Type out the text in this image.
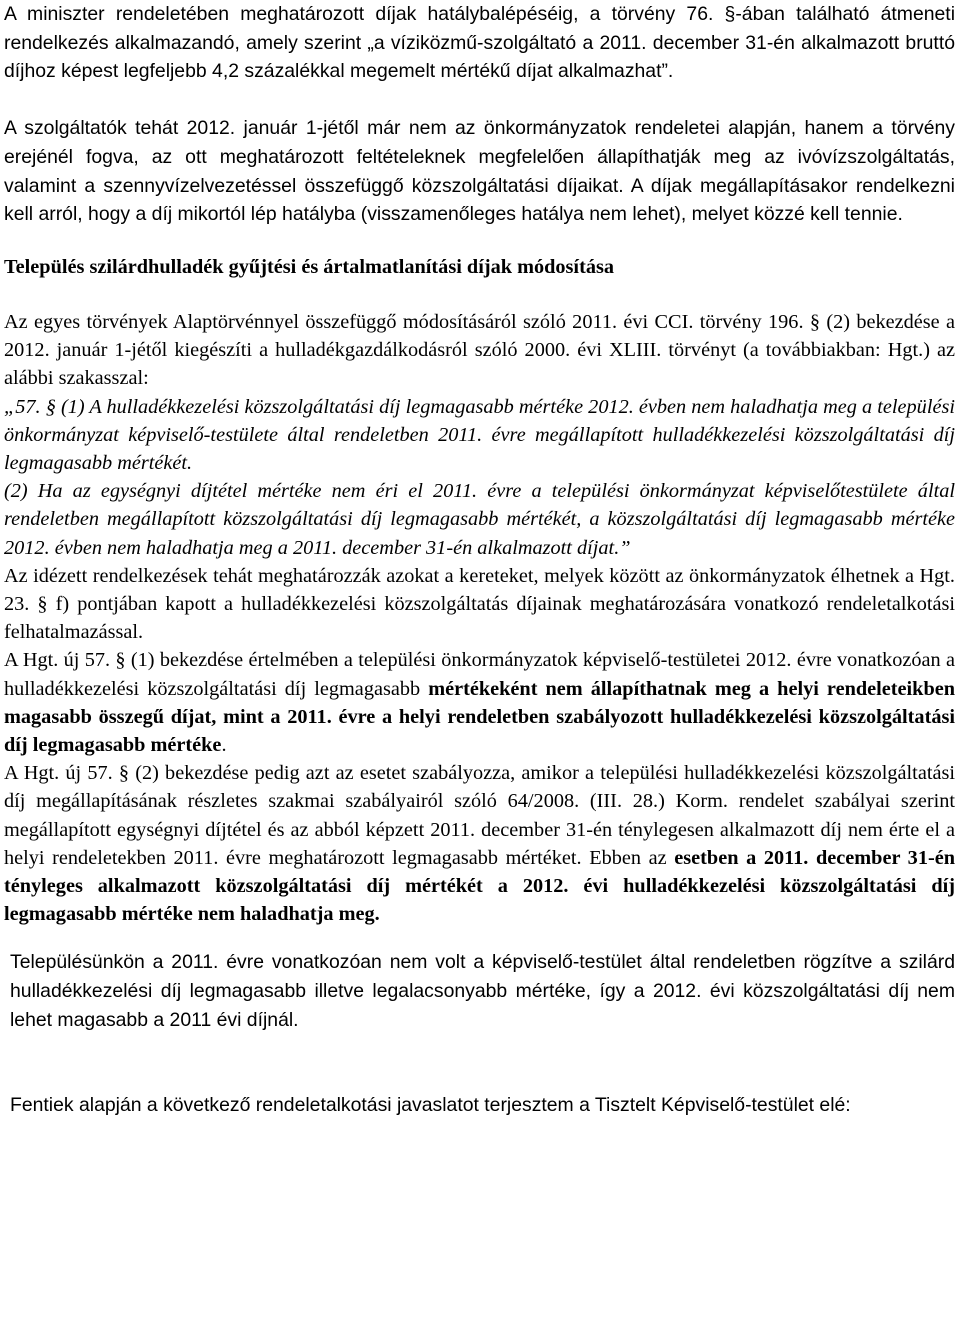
A miniszter rendeletében meghatározott díjak hatálybalépéséig, a törvény 76. §-ában található átmeneti rendelkezés alkalmazandó, amely szerint „a víziközmű-szolgáltató a 2011. december 31-én alkalmazott bruttó díjhoz képest legfeljebb 4,2 százalékkal megemelt mértékű díjat alkalmazhat”.

A szolgáltatók tehát 2012. január 1-jétől már nem az önkormányzatok rendeletei alapján, hanem a törvény erejénél fogva, az ott meghatározott feltételeknek megfelelően állapíthatják meg az ivóvízszolgáltatás, valamint a szennyvízelvezetéssel összefüggő közszolgáltatási díjaikat. A díjak megállapításakor rendelkezni kell arról, hogy a díj mikortól lép hatályba (visszamenőleges hatálya nem lehet), melyet közzé kell tennie.

Település szilárdhulladék gyűjtési és ártalmatlanítási díjak módosítása

Az egyes törvények Alaptörvénnyel összefüggő módosításáról szóló 2011. évi CCI. törvény 196. § (2) bekezdése a 2012. január 1-jétől kiegészíti a hulladékgazdálkodásról szóló 2000. évi XLIII. törvényt (a továbbiakban: Hgt.) az alábbi szakasszal:

„57. § (1) A hulladékkezelési közszolgáltatási díj legmagasabb mértéke 2012. évben nem haladhatja meg a települési önkormányzat képviselő-testülete által rendeletben 2011. évre megállapított hulladékkezelési közszolgáltatási díj legmagasabb mértékét.

(2) Ha az egységnyi díjtétel mértéke nem éri el 2011. évre a települési önkormányzat képviselőtestülete által rendeletben megállapított közszolgáltatási díj legmagasabb mértékét, a közszolgáltatási díj legmagasabb mértéke 2012. évben nem haladhatja meg a 2011. december 31-én alkalmazott díjat.”

Az idézett rendelkezések tehát meghatározzák azokat a kereteket, melyek között az önkormányzatok élhetnek a Hgt. 23. § f) pontjában kapott a hulladékkezelési közszolgáltatás díjainak meghatározására vonatkozó rendeletalkotási felhatalmazással.

A Hgt. új 57. § (1) bekezdése értelmében a települési önkormányzatok képviselő-testületei 2012. évre vonatkozóan a hulladékkezelési közszolgáltatási díj legmagasabb mértékeként nem állapíthatnak meg a helyi rendeleteikben magasabb összegű díjat, mint a 2011. évre a helyi rendeletben szabályozott hulladékkezelési közszolgáltatási díj legmagasabb mértéke.

A Hgt. új 57. § (2) bekezdése pedig azt az esetet szabályozza, amikor a települési hulladékkezelési közszolgáltatási díj megállapításának részletes szakmai szabályairól szóló 64/2008. (III. 28.) Korm. rendelet szabályai szerint megállapított egységnyi díjtétel és az abból képzett 2011. december 31-én ténylegesen alkalmazott díj nem érte el a helyi rendeletekben 2011. évre meghatározott legmagasabb mértéket. Ebben az esetben a 2011. december 31-én tényleges alkalmazott közszolgáltatási díj mértékét a 2012. évi hulladékkezelési közszolgáltatási díj legmagasabb mértéke nem haladhatja meg.

Településünkön a 2011. évre vonatkozóan nem volt a képviselő-testület által rendeletben rögzítve a szilárd hulladékkezelési díj legmagasabb illetve legalacsonyabb mértéke, így a 2012. évi közszolgáltatási díj nem lehet magasabb a 2011 évi díjnál.

Fentiek alapján a következő rendeletalkotási javaslatot terjesztem a Tisztelt Képviselő-testület elé:
